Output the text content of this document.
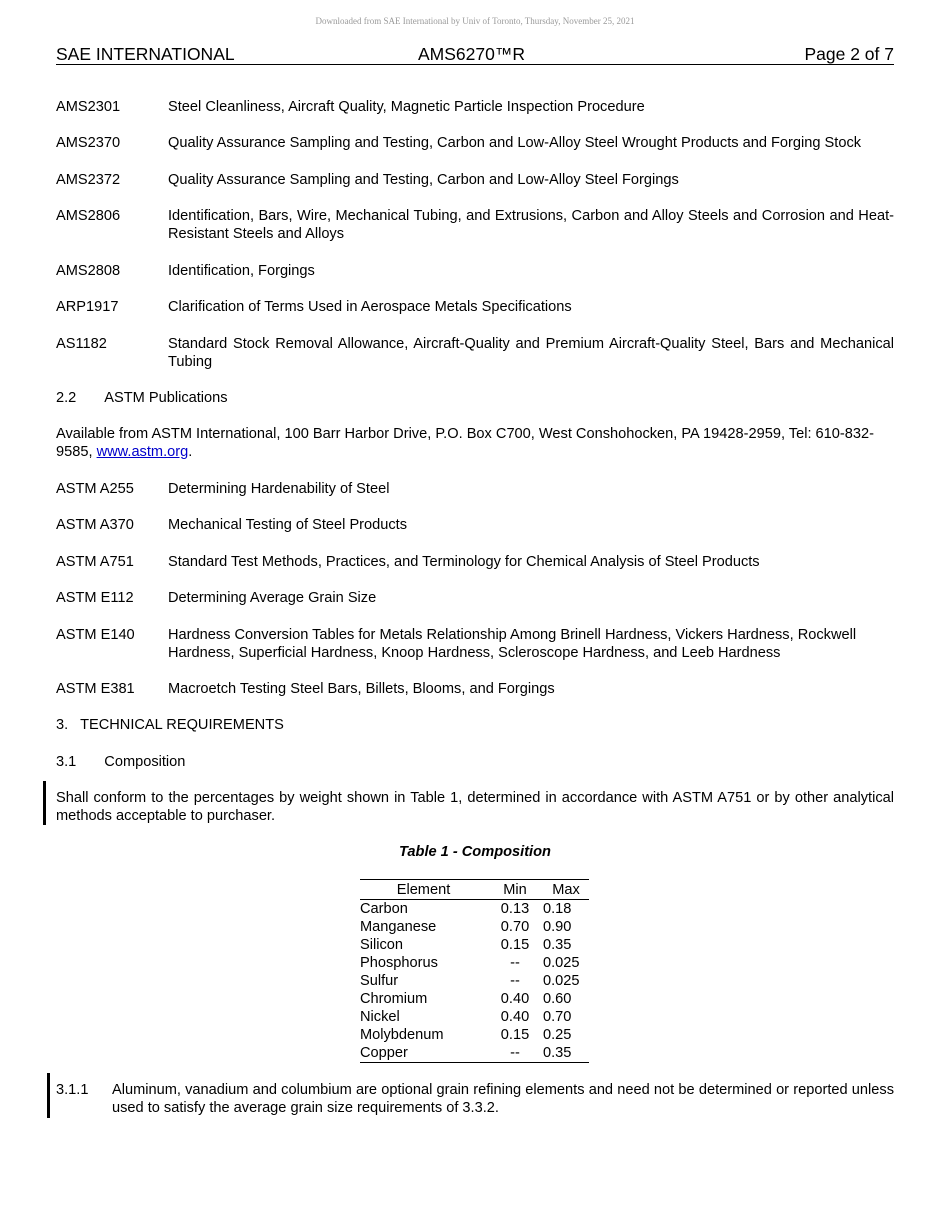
Downloaded from SAE International by Univ of Toronto, Thursday, November 25, 2021
SAE INTERNATIONAL	AMS6270™R	Page 2 of 7
AMS2301	Steel Cleanliness, Aircraft Quality, Magnetic Particle Inspection Procedure
AMS2370	Quality Assurance Sampling and Testing, Carbon and Low-Alloy Steel Wrought Products and Forging Stock
AMS2372	Quality Assurance Sampling and Testing, Carbon and Low-Alloy Steel Forgings
AMS2806	Identification, Bars, Wire, Mechanical Tubing, and Extrusions, Carbon and Alloy Steels and Corrosion and Heat-Resistant Steels and Alloys
AMS2808	Identification, Forgings
ARP1917	Clarification of Terms Used in Aerospace Metals Specifications
AS1182	Standard Stock Removal Allowance, Aircraft-Quality and Premium Aircraft-Quality Steel, Bars and Mechanical Tubing
2.2 ASTM Publications
Available from ASTM International, 100 Barr Harbor Drive, P.O. Box C700, West Conshohocken, PA 19428-2959, Tel: 610-832-9585, www.astm.org.
ASTM A255 Determining Hardenability of Steel
ASTM A370 Mechanical Testing of Steel Products
ASTM A751 Standard Test Methods, Practices, and Terminology for Chemical Analysis of Steel Products
ASTM E112 Determining Average Grain Size
ASTM E140 Hardness Conversion Tables for Metals Relationship Among Brinell Hardness, Vickers Hardness, Rockwell Hardness, Superficial Hardness, Knoop Hardness, Scleroscope Hardness, and Leeb Hardness
ASTM E381 Macroetch Testing Steel Bars, Billets, Blooms, and Forgings
3.   TECHNICAL REQUIREMENTS
3.1 Composition
Shall conform to the percentages by weight shown in Table 1, determined in accordance with ASTM A751 or by other analytical methods acceptable to purchaser.
Table 1 - Composition
Element	Min	Max
Carbon	0.13	0.18
Manganese	0.70	0.90
Silicon	0.15	0.35
Phosphorus	--	0.025
Sulfur	--	0.025
Chromium	0.40	0.60
Nickel	0.40	0.70
Molybdenum	0.15	0.25
Copper	--	0.35
3.1.1 Aluminum, vanadium and columbium are optional grain refining elements and need not be determined or reported unless used to satisfy the average grain size requirements of 3.3.2.
